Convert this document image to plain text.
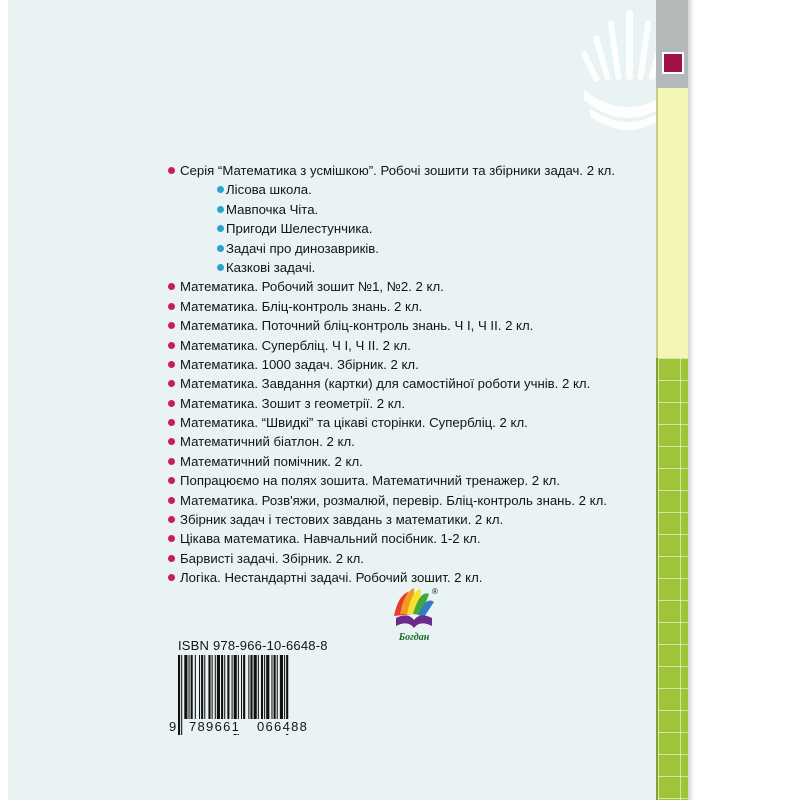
Серія “Математика з усмішкою”. Робочі зошити та збірники задач. 2 кл.
Лісова школа.
Мавпочка Чіта.
Пригоди Шелестунчика.
Задачі про динозавриків.
Казкові задачі.
Математика. Робочий зошит №1, №2. 2 кл.
Математика. Бліц-контроль знань. 2 кл.
Математика. Поточний бліц-контроль знань. Ч І, Ч ІІ. 2 кл.
Математика. Супербліц. Ч І, Ч ІІ. 2 кл.
Математика. 1000 задач. Збірник. 2 кл.
Математика. Завдання (картки) для самостійної роботи учнів. 2 кл.
Математика. Зошит з геометрії. 2 кл.
Математика. “Швидкі” та цікаві сторінки. Супербліц. 2 кл.
Математичний біатлон. 2 кл.
Математичний помічник. 2 кл.
Попрацюємо на полях зошита. Математичний тренажер. 2 кл.
Математика. Розв'яжи, розмалюй, перевір. Бліц-контроль знань. 2 кл.
Збірник задач і тестових завдань з математики. 2 кл.
Цікава математика. Навчальний посібник. 1-2 кл.
Барвисті задачі. Збірник. 2 кл.
Логіка. Нестандартні задачі. Робочий зошит. 2 кл.
®
Богдан
ISBN 978-966-10-6648-8
9 789661 066488
